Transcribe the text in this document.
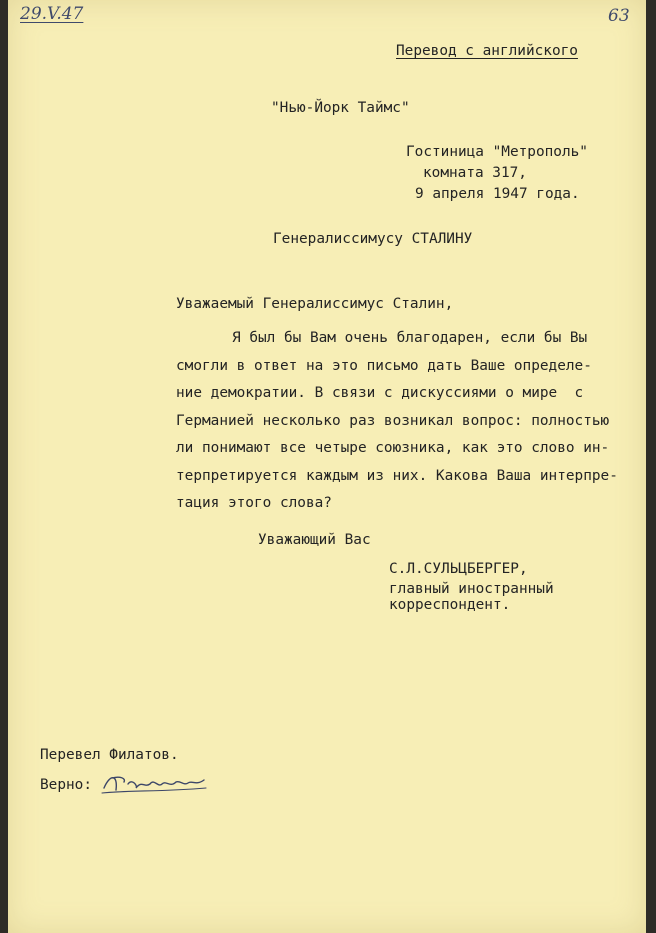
29.V.47	63
Перевод с английского
"Нью-Йорк Таймс"
Гостиница "Метрополь"
комната 317,
9 апреля 1947 года.
Генералиссимусу СТАЛИНУ
Уважаемый Генералиссимус Сталин,
Я был бы Вам очень благодарен, если бы Вы
смогли в ответ на это письмо дать Ваше определе-
ние демократии. В связи с дискуссиями о мире  с
Германией несколько раз возникал вопрос: полностью
ли понимают все четыре союзника, как это слово ин-
терпретируется каждым из них. Какова Ваша интерпре-
тация этого слова?
Уважающий Вас
С.Л.СУЛЬЦБЕРГЕР,
главный иностранный
корреспондент.
Перевел Филатов.
Верно:
